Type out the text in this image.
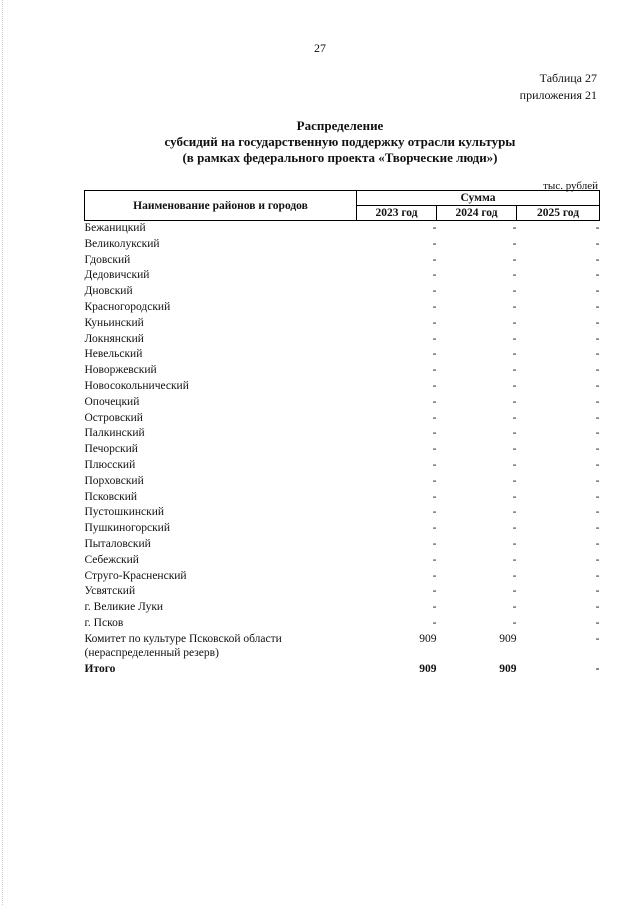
27
Таблица 27
приложения 21
Распределение
субсидий на государственную поддержку отрасли культуры
(в рамках федерального проекта «Творческие люди»)
тыс. рублей
Наименование районов и городов	Сумма		
	2023 год	2024 год	2025 год
Бежаницкий	-	-	-
Великолукский	-	-	-
Гдовский	-	-	-
Дедовичский	-	-	-
Дновский	-	-	-
Красногородский	-	-	-
Куньинский	-	-	-
Локнянский	-	-	-
Невельский	-	-	-
Новоржевский	-	-	-
Новосокольнический	-	-	-
Опочецкий	-	-	-
Островский	-	-	-
Палкинский	-	-	-
Печорский	-	-	-
Плюсский	-	-	-
Порховский	-	-	-
Псковский	-	-	-
Пустошкинский	-	-	-
Пушкиногорский	-	-	-
Пыталовский	-	-	-
Себежский	-	-	-
Струго-Красненский	-	-	-
Усвятский	-	-	-
г. Великие Луки	-	-	-
г. Псков	-	-	-
Комитет по культуре Псковской области (нераспределенный резерв)	909	909	-
Итого	909	909	-
